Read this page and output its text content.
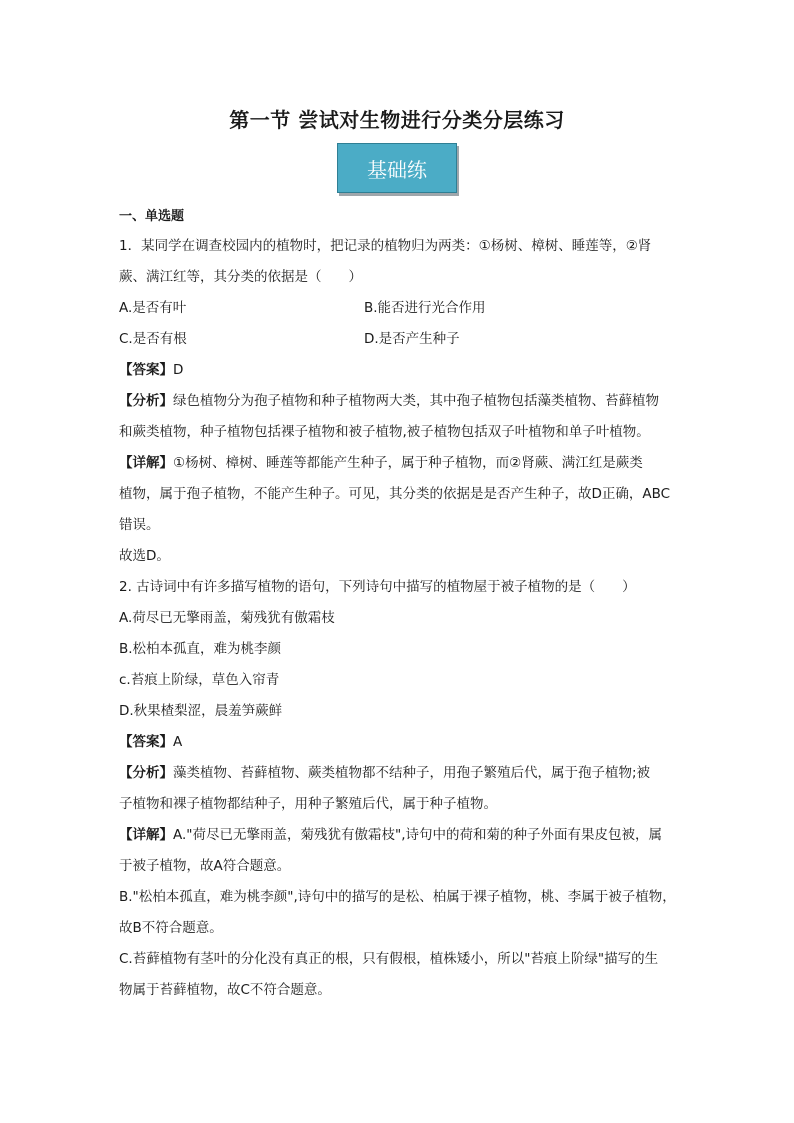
第一节 尝试对生物进行分类分层练习
基础练
一、单选题
1．某同学在调查校园内的植物时，把记录的植物归为两类：①杨树、樟树、睡莲等，②肾
蕨、满江红等，其分类的依据是（　　）
A.是否有叶	B.能否进行光合作用
C.是否有根	D.是否产生种子
【答案】D
【分析】绿色植物分为孢子植物和种子植物两大类，其中孢子植物包括藻类植物、苔藓植物
和蕨类植物，种子植物包括裸子植物和被子植物,被子植物包括双子叶植物和单子叶植物。
【详解】①杨树、樟树、睡莲等都能产生种子，属于种子植物，而②肾蕨、满江红是蕨类
植物，属于孢子植物，不能产生种子。可见，其分类的依据是是否产生种子，故D正确，ABC
错误。
故选D。
2. 古诗词中有许多描写植物的语句，下列诗句中描写的植物屋于被子植物的是（　　）
A.荷尽已无擎雨盖，菊残犹有傲霜枝
B.松柏本孤直，难为桃李颜
c.苔痕上阶绿，草色入帘青
D.秋果楂梨涩，晨羞笋蕨鲜
【答案】A
【分析】藻类植物、苔藓植物、蕨类植物都不结种子，用孢子繁殖后代，属于孢子植物;被
子植物和裸子植物都结种子，用种子繁殖后代，属于种子植物。
【详解】A."荷尽已无擎雨盖，菊残犹有傲霜枝",诗句中的荷和菊的种子外面有果皮包被，属
于被子植物，故A符合题意。
B."松柏本孤直，难为桃李颜",诗句中的描写的是松、柏属于裸子植物，桃、李属于被子植物，
故B不符合题意。
C.苔藓植物有茎叶的分化没有真正的根，只有假根，植株矮小，所以"苔痕上阶绿"描写的生
物属于苔藓植物，故C不符合题意。
